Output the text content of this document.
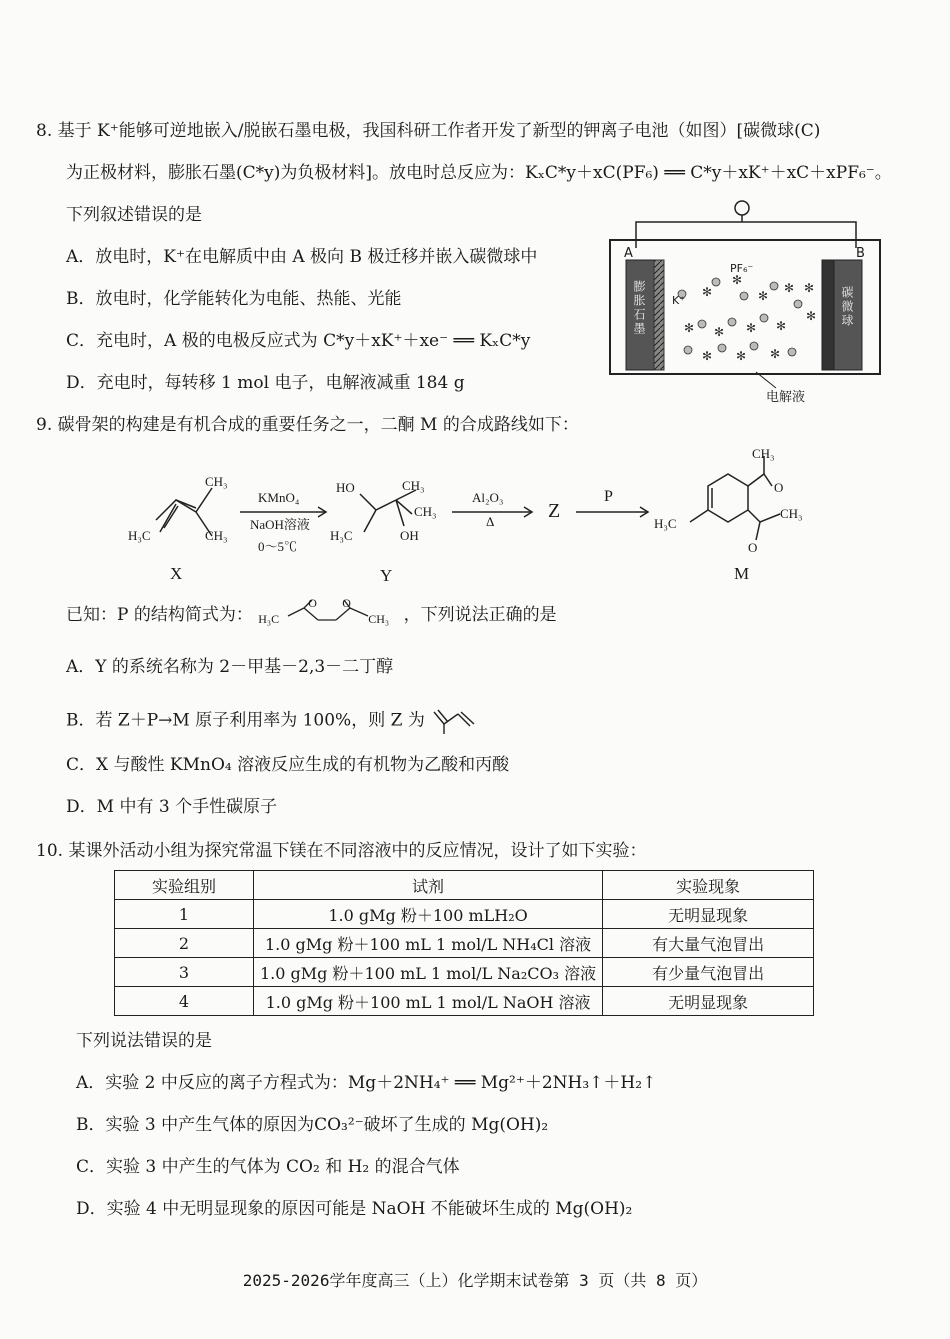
8. 基于 K⁺能够可逆地嵌入/脱嵌石墨电极，我国科研工作者开发了新型的钾离子电池（如图）[碳微球(C)
为正极材料，膨胀石墨(C*y)为负极材料]。放电时总反应为：KₓC*y＋xC(PF₆) ══ C*y＋xK⁺＋xC＋xPF₆⁻。
下列叙述错误的是
A．放电时，K⁺在电解质中由 A 极向 B 极迁移并嵌入碳微球中
B．放电时，化学能转化为电能、热能、光能
C．充电时，A 极的电极反应式为 C*y＋xK⁺＋xe⁻ ══ KₓC*y
D．充电时，每转移 1 mol 电子，电解液减重 184 g
✻
✻
✻
✻
✻
✻ ✻ ✻ ✻
✻ ✻ ✻
✻
A	B
膨胀石墨	碳微球
K⁺
PF₆⁻
电解液
9. 碳骨架的构建是有机合成的重要任务之一，二酮 M 的合成路线如下：
CH₃
H₃C	CH₃
X
KMnO₄
NaOH溶液
0～5℃
HO	CH₃
CH₃
H₃C	OH
Y
Al₂O₃
Δ	Z
P
CH₃
O
H₃C
CH₃
O
M
已知：P 的结构简式为： H₃C
O O
CH₃ ，下列说法正确的是
A．Y 的系统名称为 2－甲基－2,3－二丁醇
B．若 Z＋P→M 原子利用率为 100%，则 Z 为
C．X 与酸性 KMnO₄ 溶液反应生成的有机物为乙酸和丙酸
D．M 中有 3 个手性碳原子
10. 某课外活动小组为探究常温下镁在不同溶液中的反应情况，设计了如下实验：
实验组别	试剂	实验现象
1	1.0 gMg 粉＋100 mLH₂O	无明显现象
2	1.0 gMg 粉＋100 mL 1 mol/L NH₄Cl 溶液	有大量气泡冒出
3	1.0 gMg 粉＋100 mL 1 mol/L Na₂CO₃ 溶液	有少量气泡冒出
4	1.0 gMg 粉＋100 mL 1 mol/L NaOH 溶液	无明显现象
下列说法错误的是
A．实验 2 中反应的离子方程式为：Mg＋2NH₄⁺ ══ Mg²⁺＋2NH₃↑＋H₂↑
B．实验 3 中产生气体的原因为CO₃²⁻破坏了生成的 Mg(OH)₂
C．实验 3 中产生的气体为 CO₂ 和 H₂ 的混合气体
D．实验 4 中无明显现象的原因可能是 NaOH 不能破坏生成的 Mg(OH)₂
2025-2026学年度高三（上）化学期末试卷第 3 页（共 8 页）
